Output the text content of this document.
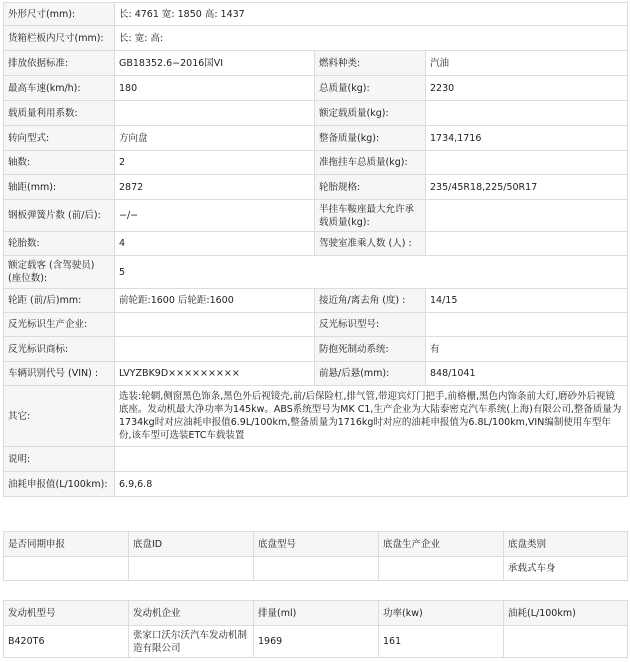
外形尺寸(mm):	长: 4761 宽: 1850 高: 1437		
货箱栏板内尺寸(mm):	长: 宽: 高:		
排放依据标准:	GB18352.6−2016国VI	燃料种类:	汽油
最高车速(km/h):	180	总质量(kg):	2230
载质量利用系数:		额定载质量(kg):	
转向型式:	方向盘	整备质量(kg):	1734,1716
轴数:	2	准拖挂车总质量(kg):	
轴距(mm):	2872	轮胎规格:	235/45R18,225/50R17
钢板弹簧片数 (前/后):	−/−	半挂车鞍座最大允许承载质量(kg):	
轮胎数:	4	驾驶室准乘人数 (人) :	
额定载客 (含驾驶员) (座位数):	5		
轮距 (前/后)mm:	前轮距:1600 后轮距:1600	接近角/离去角 (度) :	14/15
反光标识生产企业:		反光标识型号:	
反光标识商标:		防抱死制动系统:	有
车辆识别代号 (VIN) :	LVYZBK9D×××××××××	前悬/后悬(mm):	848/1041
其它:	选装:轮辋,侧窗黑色饰条,黑色外后视镜壳,前/后保险杠,排气管,带迎宾灯门把手,前格栅,黑色内饰条前大灯,磨砂外后视镜底座。发动机最大净功率为145kw。ABS系统型号为MK C1,生产企业为大陆泰密克汽车系统(上海)有限公司,整备质量为1734kg时对应油耗申报值6.9L/100km,整备质量为1716kg时对应的油耗申报值为6.8L/100km,VIN编制使用车型年份,该车型可选装ETC车载装置		
说明:			
油耗申报值(L/100km):	6.9,6.8		
是否同期申报	底盘ID	底盘型号	底盘生产企业	底盘类别
				承载式车身
发动机型号	发动机企业	排量(ml)	功率(kw)	油耗(L/100km)
B420T6	张家口沃尔沃汽车发动机制造有限公司	1969	161	
